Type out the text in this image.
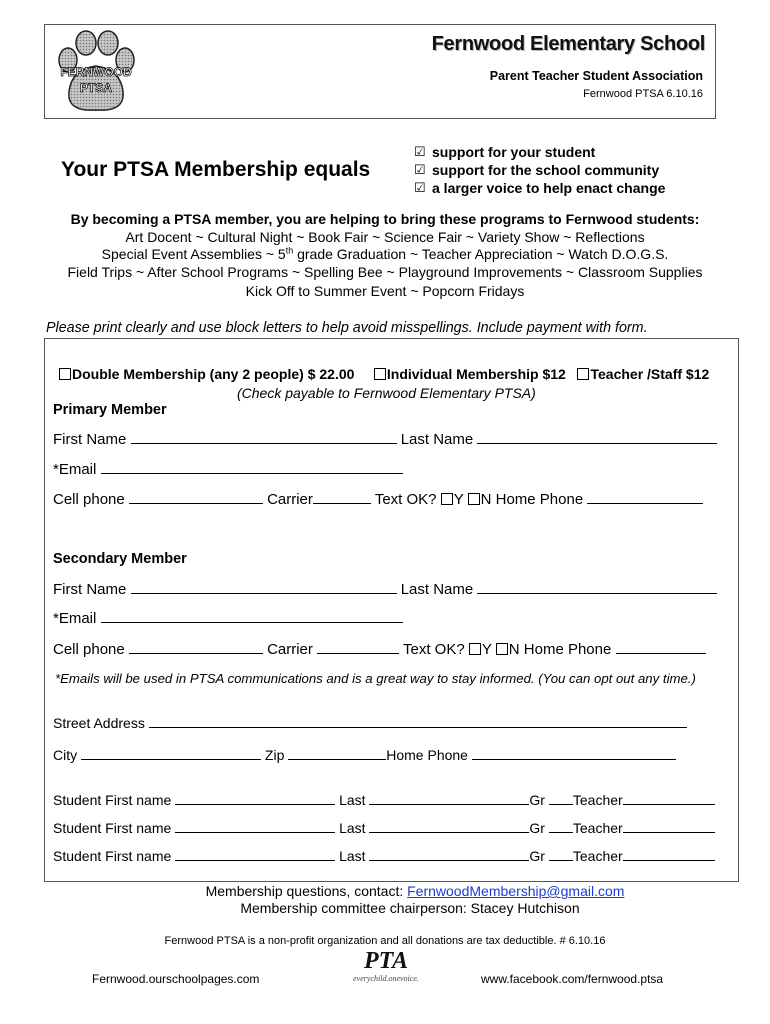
FERNWOOD
PTSA
Fernwood Elementary School
Parent Teacher Student Association
Fernwood PTSA 6.10.16
Your PTSA Membership equals
☑ support for your student
☑ support for the school community
☑ a larger voice to help enact change
By becoming a PTSA member, you are helping to bring these programs to Fernwood students:
Art Docent ~ Cultural Night ~ Book Fair ~ Science Fair ~ Variety Show ~ Reflections
Special Event Assemblies ~ 5th grade Graduation ~ Teacher Appreciation ~ Watch D.O.G.S.
Field Trips ~ After School Programs ~ Spelling Bee ~ Playground Improvements ~ Classroom Supplies
Kick Off to Summer Event ~ Popcorn Fridays
Please print clearly and use block letters to help avoid misspellings. Include payment with form.
Double Membership (any 2 people) $ 22.00 Individual Membership $12 Teacher /Staff $12
(Check payable to Fernwood Elementary PTSA)
Primary Member
First Name	Last Name
*Email
Cell phone	Carrier	Text OK? Y N Home Phone
Secondary Member
First Name	Last Name
*Email
Cell phone	Carrier	Text OK? Y N Home Phone
*Emails will be used in PTSA communications and is a great way to stay informed. (You can opt out any time.)
Street Address
City	Zip	Home Phone
Student First name	Last	Gr Teacher
Student First name	Last	Gr Teacher
Student First name	Last	Gr Teacher
Membership questions, contact: FernwoodMembership@gmail.com
Membership committee chairperson: Stacey Hutchison
Fernwood PTSA is a non-profit organization and all donations are tax deductible. # 6.10.16
Fernwood.ourschoolpages.com
PTA
everychild.onevoice.	www.facebook.com/fernwood.ptsa
